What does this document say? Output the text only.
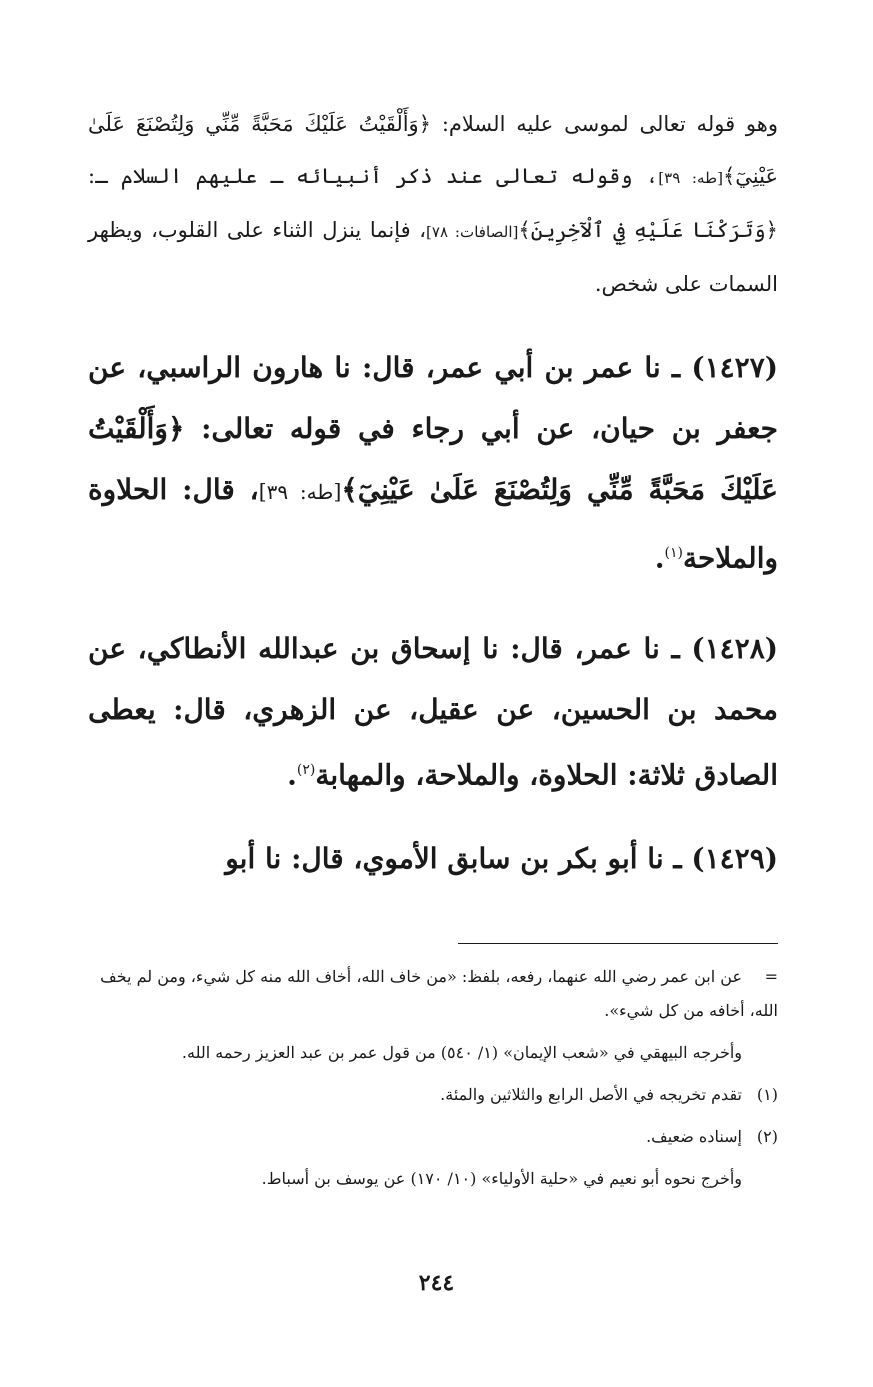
وهو قوله تعالى لموسى عليه السلام: ﴿وَأَلْقَيْتُ عَلَيْكَ مَحَبَّةً مِّنِّي وَلِتُصْنَعَ عَلَىٰ عَيْنِيٓ﴾[طه: ٣٩]، وقوله تعالى عند ذكر أنبيائه ـ عليهم السلام ـ: ﴿وَتَرَكْنَا عَلَيْهِ فِي ٱلْآخِرِينَ﴾[الصافات: ٧٨]، فإنما ينزل الثناء على القلوب، ويظهر السمات على شخص.

(١٤٢٧) ـ نا عمر بن أبي عمر، قال: نا هارون الراسبي، عن جعفر بن حيان، عن أبي رجاء في قوله تعالى: ﴿وَأَلْقَيْتُ عَلَيْكَ مَحَبَّةً مِّنِّي وَلِتُصْنَعَ عَلَىٰ عَيْنِيٓ﴾[طه: ٣٩]، قال: الحلاوة والملاحة$^{(١)}$.

(١٤٢٨) ـ نا عمر، قال: نا إسحاق بن عبدالله الأنطاكي، عن محمد بن الحسين، عن عقيل، عن الزهري، قال: يعطى الصادق ثلاثة: الحلاوة، والملاحة، والمهابة$^{(٢)}$.

(١٤٢٩) ـ نا أبو بكر بن سابق الأموي، قال: نا أبو

=عن ابن عمر رضي الله عنهما، رفعه، بلفظ: «من خاف الله، أخاف الله منه كل شيء، ومن لم يخف الله، أخافه من كل شيء».

وأخرجه البيهقي في «شعب الإيمان» (١/ ٥٤٠) من قول عمر بن عبد العزيز رحمه الله.

(١)تقدم تخريجه في الأصل الرابع والثلاثين والمئة.

(٢)إسناده ضعيف.

وأخرج نحوه أبو نعيم في «حلية الأولياء» (١٠/ ١٧٠) عن يوسف بن أسباط.

٢٤٤
